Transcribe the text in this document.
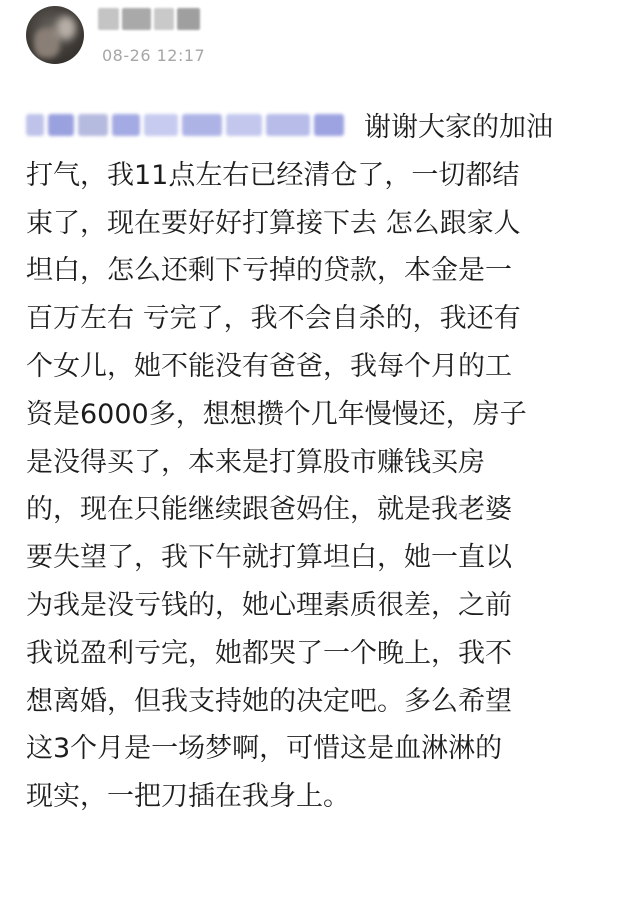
08-26 12:17
谢谢大家的加油
打气，我11点左右已经清仓了，一切都结
束了，现在要好好打算接下去 怎么跟家人
坦白，怎么还剩下亏掉的贷款，本金是一
百万左右 亏完了，我不会自杀的，我还有
个女儿，她不能没有爸爸，我每个月的工
资是6000多，想想攒个几年慢慢还，房子
是没得买了，本来是打算股市赚钱买房
的，现在只能继续跟爸妈住，就是我老婆
要失望了，我下午就打算坦白，她一直以
为我是没亏钱的，她心理素质很差，之前
我说盈利亏完，她都哭了一个晚上，我不
想离婚，但我支持她的决定吧。多么希望
这3个月是一场梦啊，可惜这是血淋淋的
现实，一把刀插在我身上。
